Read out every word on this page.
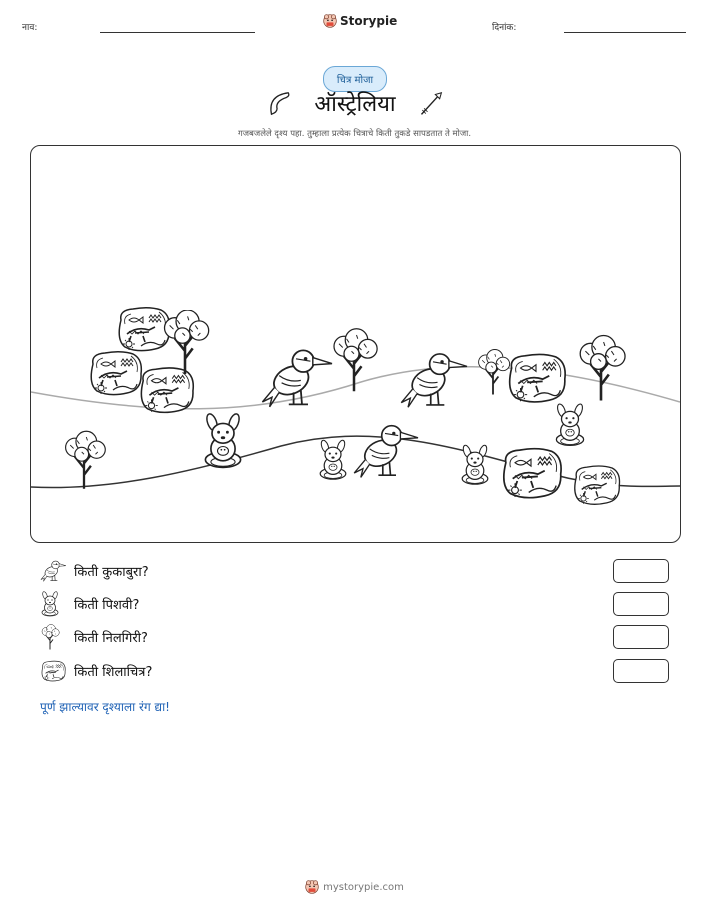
नाव:	Storypie	दिनांक:
चित्र मोजा
ऑस्ट्रेलिया
गजबजलेले दृश्य पहा. तुम्हाला प्रत्येक चित्राचे किती तुकडे सापडतात ते मोजा.
किती कुकाबुरा?
किती पिशवी?
किती निलगिरी?
किती शिलाचित्र?
पूर्ण झाल्यावर दृश्याला रंग द्या!
mystorypie.com
